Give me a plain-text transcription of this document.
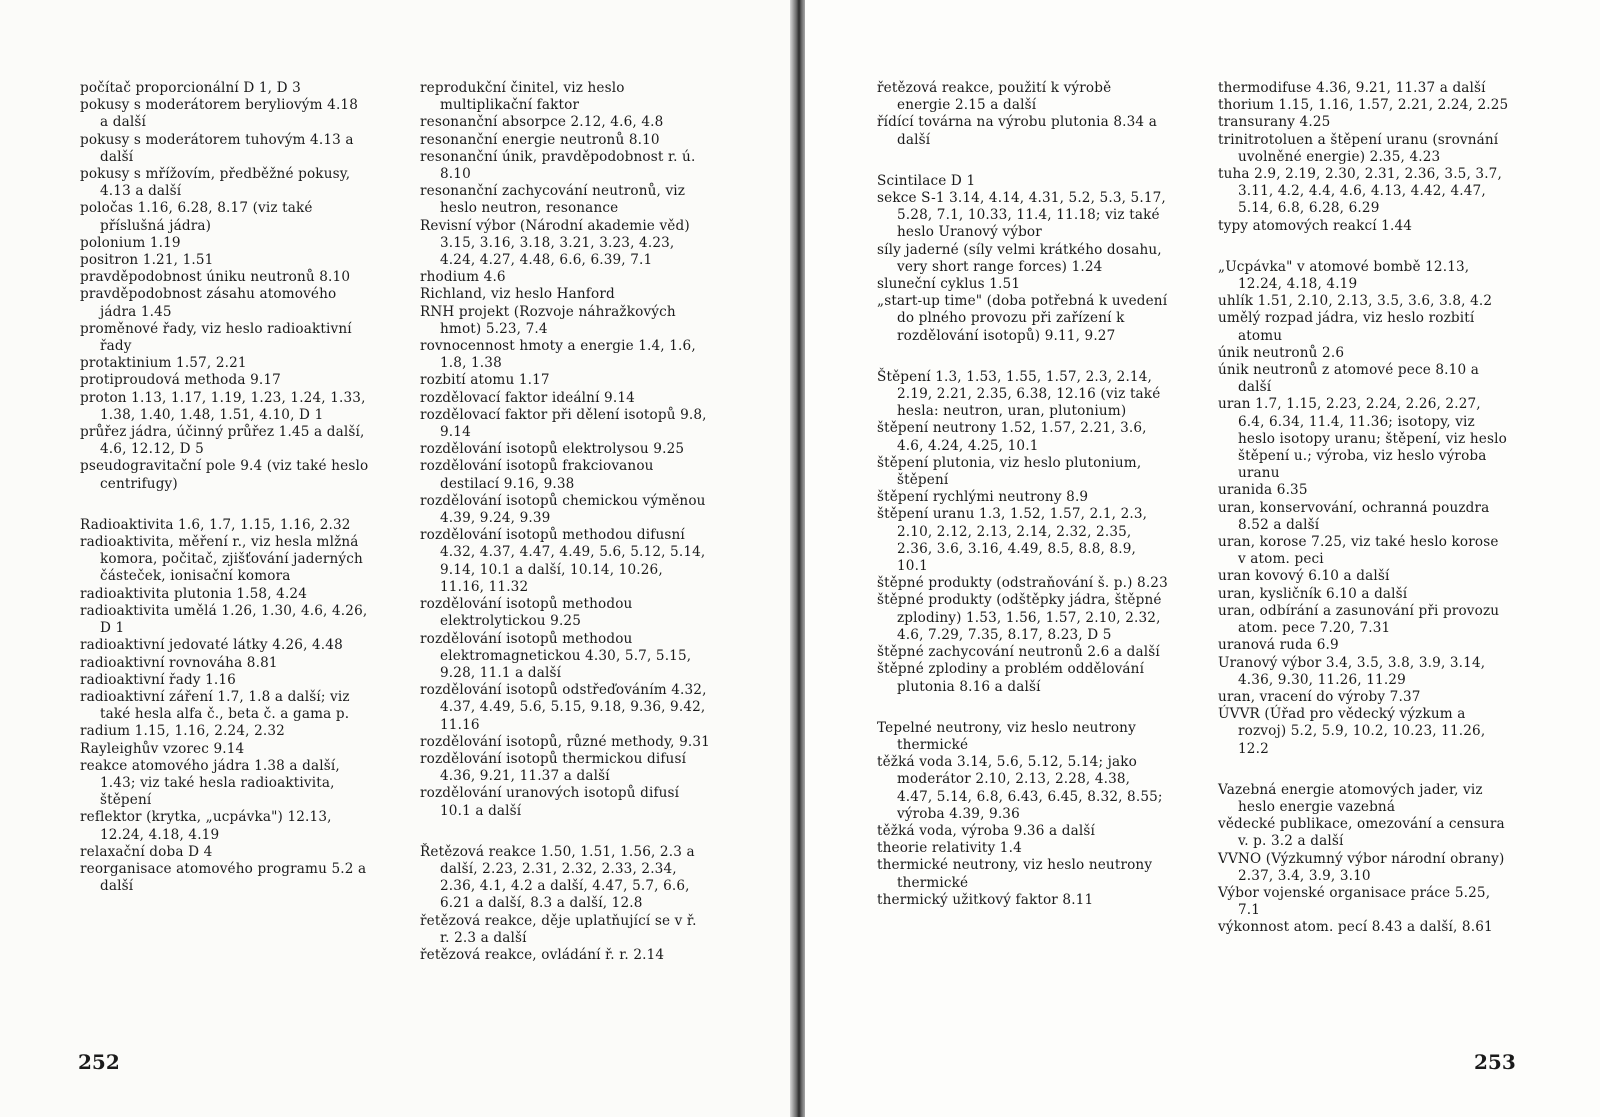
252	253

počítač proporcionální D 1, D 3

pokusy s moderátorem beryliovým 4.18 a další

pokusy s moderátorem tuhovým 4.13 a další

pokusy s mřížovím, předběžné pokusy, 4.13 a další

poločas 1.16, 6.28, 8.17 (viz také příslušná jádra)

polonium 1.19

positron 1.21, 1.51

pravděpodobnost úniku neutronů 8.10

pravděpodobnost zásahu atomového jádra 1.45

proměnové řady, viz heslo radioaktivní řady

protaktinium 1.57, 2.21

protiproudová methoda 9.17

proton 1.13, 1.17, 1.19, 1.23, 1.24, 1.33, 1.38, 1.40, 1.48, 1.51, 4.10, D 1

průřez jádra, účinný průřez 1.45 a další, 4.6, 12.12, D 5

pseudogravitační pole 9.4 (viz také heslo centrifugy)

Radioaktivita 1.6, 1.7, 1.15, 1.16, 2.32

radioaktivita, měření r., viz hesla mlžná komora, počitač, zjišťování jaderných částeček, ionisační komora

radioaktivita plutonia 1.58, 4.24

radioaktivita umělá 1.26, 1.30, 4.6, 4.26, D 1

radioaktivní jedovaté látky 4.26, 4.48

radioaktivní rovnováha 8.81

radioaktivní řady 1.16

radioaktivní záření 1.7, 1.8 a další; viz také hesla alfa č., beta č. a gama p.

radium 1.15, 1.16, 2.24, 2.32

Rayleighův vzorec 9.14

reakce atomového jádra 1.38 a další, 1.43; viz také hesla radioaktivita, štěpení

reflektor (krytka, „ucpávka") 12.13, 12.24, 4.18, 4.19

relaxační doba D 4

reorganisace atomového programu 5.2 a další

reprodukční činitel, viz heslo multiplikační faktor

resonanční absorpce 2.12, 4.6, 4.8

resonanční energie neutronů 8.10

resonanční únik, pravděpodobnost r. ú. 8.10

resonanční zachycování neutronů, viz heslo neutron, resonance

Revisní výbor (Národní akademie věd) 3.15, 3.16, 3.18, 3.21, 3.23, 4.23, 4.24, 4.27, 4.48, 6.6, 6.39, 7.1

rhodium 4.6

Richland, viz heslo Hanford

RNH projekt (Rozvoje náhražkových hmot) 5.23, 7.4

rovnocennost hmoty a energie 1.4, 1.6, 1.8, 1.38

rozbití atomu 1.17

rozdělovací faktor ideální 9.14

rozdělovací faktor při dělení isotopů 9.8, 9.14

rozdělování isotopů elektrolysou 9.25

rozdělování isotopů frakciovanou destilací 9.16, 9.38

rozdělování isotopů chemickou výměnou 4.39, 9.24, 9.39

rozdělování isotopů methodou difusní 4.32, 4.37, 4.47, 4.49, 5.6, 5.12, 5.14, 9.14, 10.1 a další, 10.14, 10.26, 11.16, 11.32

rozdělování isotopů methodou elektrolytickou 9.25

rozdělování isotopů methodou elektromagnetickou 4.30, 5.7, 5.15, 9.28, 11.1 a další

rozdělování isotopů odstřeďováním 4.32, 4.37, 4.49, 5.6, 5.15, 9.18, 9.36, 9.42, 11.16

rozdělování isotopů, různé methody, 9.31

rozdělování isotopů thermickou difusí 4.36, 9.21, 11.37 a další

rozdělování uranových isotopů difusí 10.1 a další

Řetězová reakce 1.50, 1.51, 1.56, 2.3 a další, 2.23, 2.31, 2.32, 2.33, 2.34, 2.36, 4.1, 4.2 a další, 4.47, 5.7, 6.6, 6.21 a další, 8.3 a další, 12.8

řetězová reakce, děje uplatňující se v ř. r. 2.3 a další

řetězová reakce, ovládání ř. r. 2.14

řetězová reakce, použití k výrobě energie 2.15 a další

řídící továrna na výrobu plutonia 8.34 a další

Scintilace D 1

sekce S-1 3.14, 4.14, 4.31, 5.2, 5.3, 5.17, 5.28, 7.1, 10.33, 11.4, 11.18; viz také heslo Uranový výbor

síly jaderné (síly velmi krátkého dosahu, very short range forces) 1.24

sluneční cyklus 1.51

„start-up time" (doba potřebná k uvedení do plného provozu při zařízení k rozdělování isotopů) 9.11, 9.27

Štěpení 1.3, 1.53, 1.55, 1.57, 2.3, 2.14, 2.19, 2.21, 2.35, 6.38, 12.16 (viz také hesla: neutron, uran, plutonium)

štěpení neutrony 1.52, 1.57, 2.21, 3.6, 4.6, 4.24, 4.25, 10.1

štěpení plutonia, viz heslo plutonium, štěpení

štěpení rychlými neutrony 8.9

štěpení uranu 1.3, 1.52, 1.57, 2.1, 2.3, 2.10, 2.12, 2.13, 2.14, 2.32, 2.35, 2.36, 3.6, 3.16, 4.49, 8.5, 8.8, 8.9, 10.1

štěpné produkty (odstraňování š. p.) 8.23

štěpné produkty (odštěpky jádra, štěpné zplodiny) 1.53, 1.56, 1.57, 2.10, 2.32, 4.6, 7.29, 7.35, 8.17, 8.23, D 5

štěpné zachycování neutronů 2.6 a další

štěpné zplodiny a problém oddělování plutonia 8.16 a další

Tepelné neutrony, viz heslo neutrony thermické

těžká voda 3.14, 5.6, 5.12, 5.14; jako moderátor 2.10, 2.13, 2.28, 4.38, 4.47, 5.14, 6.8, 6.43, 6.45, 8.32, 8.55; výroba 4.39, 9.36

těžká voda, výroba 9.36 a další

theorie relativity 1.4

thermické neutrony, viz heslo neutrony thermické

thermický užitkový faktor 8.11

thermodifuse 4.36, 9.21, 11.37 a další

thorium 1.15, 1.16, 1.57, 2.21, 2.24, 2.25

transurany 4.25

trinitrotoluen a štěpení uranu (srovnání uvolněné energie) 2.35, 4.23

tuha 2.9, 2.19, 2.30, 2.31, 2.36, 3.5, 3.7, 3.11, 4.2, 4.4, 4.6, 4.13, 4.42, 4.47, 5.14, 6.8, 6.28, 6.29

typy atomových reakcí 1.44

„Ucpávka" v atomové bombě 12.13, 12.24, 4.18, 4.19

uhlík 1.51, 2.10, 2.13, 3.5, 3.6, 3.8, 4.2

umělý rozpad jádra, viz heslo rozbití atomu

únik neutronů 2.6

únik neutronů z atomové pece 8.10 a další

uran 1.7, 1.15, 2.23, 2.24, 2.26, 2.27, 6.4, 6.34, 11.4, 11.36; isotopy, viz heslo isotopy uranu; štěpení, viz heslo štěpení u.; výroba, viz heslo výroba uranu

uranida 6.35

uran, konservování, ochranná pouzdra 8.52 a další

uran, korose 7.25, viz také heslo korose v atom. peci

uran kovový 6.10 a další

uran, kysličník 6.10 a další

uran, odbírání a zasunování při provozu atom. pece 7.20, 7.31

uranová ruda 6.9

Uranový výbor 3.4, 3.5, 3.8, 3.9, 3.14, 4.36, 9.30, 11.26, 11.29

uran, vracení do výroby 7.37

ÚVVR (Úřad pro vědecký výzkum a rozvoj) 5.2, 5.9, 10.2, 10.23, 11.26, 12.2

Vazebná energie atomových jader, viz heslo energie vazebná

vědecké publikace, omezování a censura v. p. 3.2 a další

VVNO (Výzkumný výbor národní obrany) 2.37, 3.4, 3.9, 3.10

Výbor vojenské organisace práce 5.25, 7.1

výkonnost atom. pecí 8.43 a další, 8.61
